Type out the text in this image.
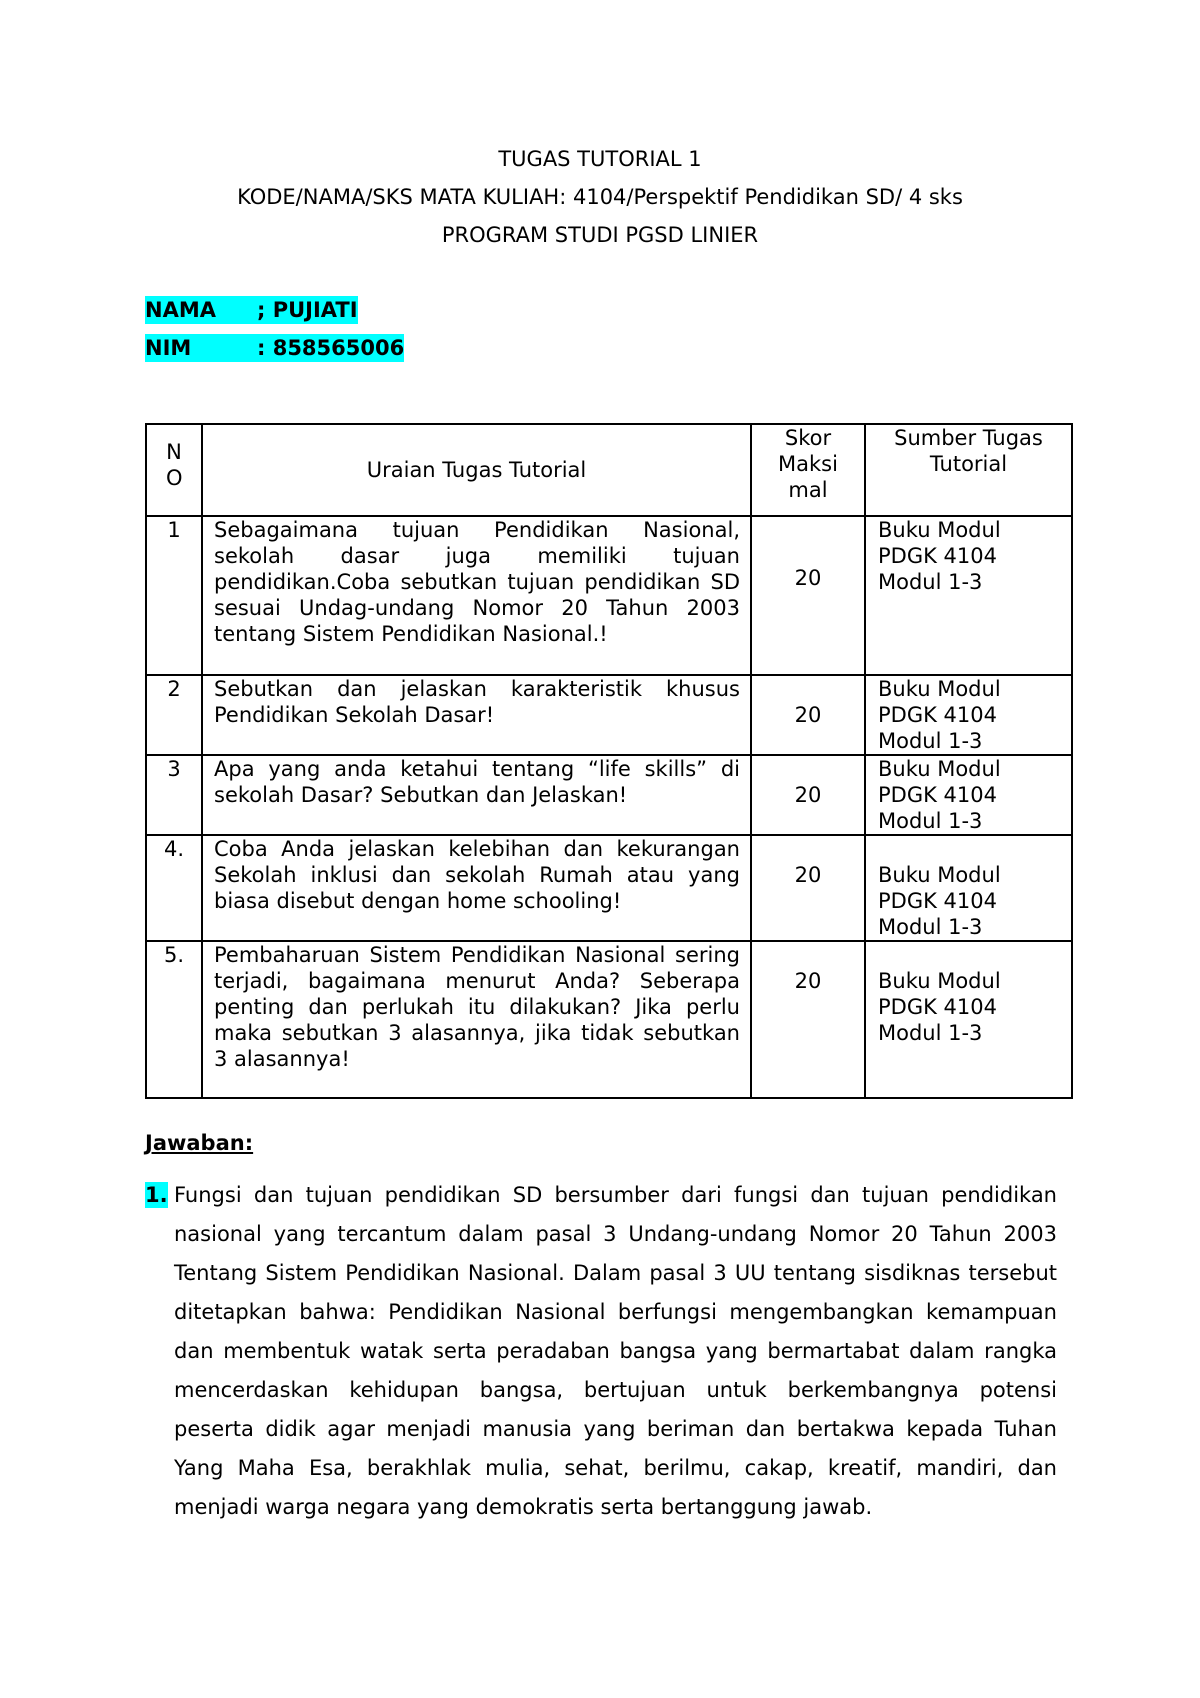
TUGAS TUTORIAL 1
KODE/NAMA/SKS MATA KULIAH: 4104/Perspektif Pendidikan SD/ 4 sks
PROGRAM STUDI PGSD LINIER
NAMA ; PUJIATI
NIM	: 858565006
N O	Uraian Tugas Tutorial	Skor Maksi mal	Sumber Tugas Tutorial

1	Sebagaimana tujuan Pendidikan Nasional, sekolah dasar juga memiliki tujuan pendidikan.Coba sebutkan tujuan pendidikan SD sesuai Undag-undang Nomor 20 Tahun 2003 tentang Sistem Pendidikan Nasional.!	20	Buku Modul
PDGK 4104
Modul 1-3

2	Sebutkan dan jelaskan karakteristik khusus Pendidikan Sekolah Dasar!	20	Buku Modul
PDGK 4104
Modul 1-3

3	Apa yang anda ketahui tentang “life skills” di sekolah Dasar? Sebutkan dan Jelaskan!	20	Buku Modul
PDGK 4104
Modul 1-3

4.	Coba Anda jelaskan kelebihan dan kekurangan Sekolah inklusi dan sekolah Rumah atau yang biasa disebut dengan home schooling!	20	Buku Modul
PDGK 4104
Modul 1-3

5.	Pembaharuan Sistem Pendidikan Nasional sering terjadi, bagaimana menurut Anda? Seberapa penting dan perlukah itu dilakukan? Jika perlu maka sebutkan 3 alasannya, jika tidak sebutkan 3 alasannya!	20	Buku Modul
PDGK 4104
Modul 1-3
Jawaban:
1. Fungsi dan tujuan pendidikan SD bersumber dari fungsi dan tujuan pendidikan nasional yang tercantum dalam pasal 3 Undang-undang Nomor 20 Tahun 2003 Tentang Sistem Pendidikan Nasional. Dalam pasal 3 UU tentang sisdiknas tersebut ditetapkan bahwa: Pendidikan Nasional berfungsi mengembangkan kemampuan dan membentuk watak serta peradaban bangsa yang bermartabat dalam rangka mencerdaskan kehidupan bangsa, bertujuan untuk berkembangnya potensi peserta didik agar menjadi manusia yang beriman dan bertakwa kepada Tuhan Yang Maha Esa, berakhlak mulia, sehat, berilmu, cakap, kreatif, mandiri, dan menjadi warga negara yang demokratis serta bertanggung jawab.
